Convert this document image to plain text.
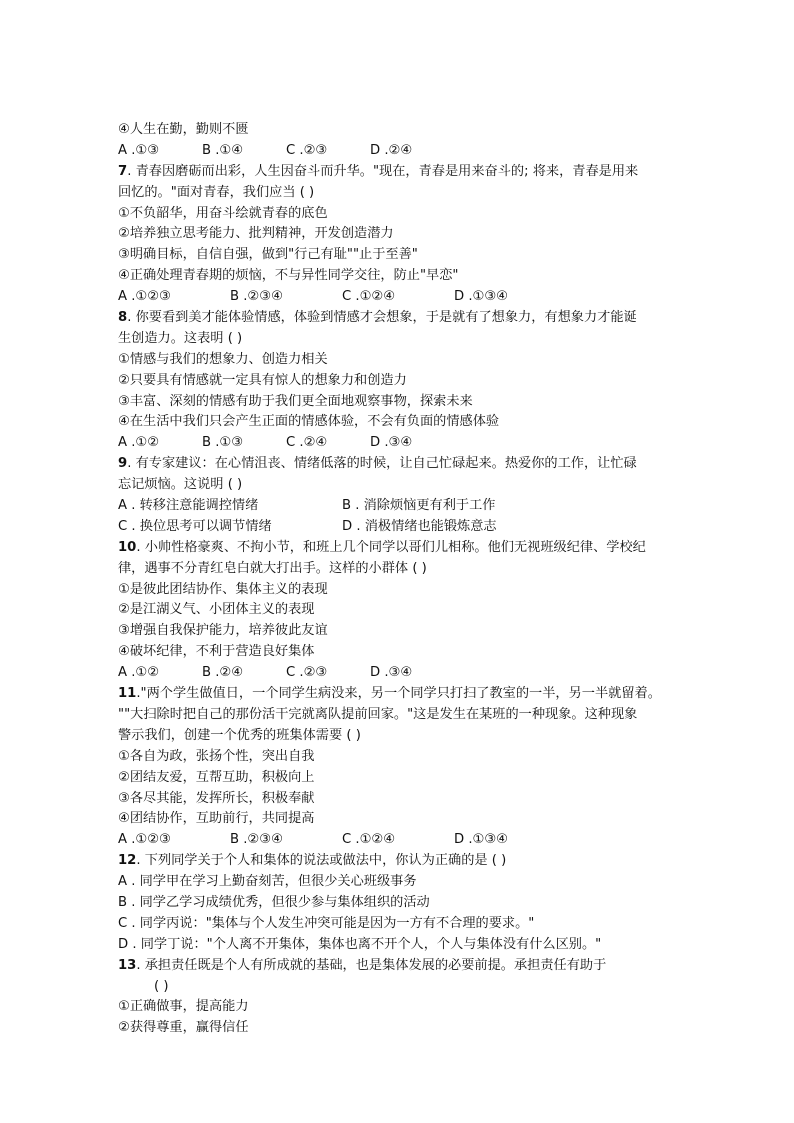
④人生在勤，勤则不匮
A .①③	B .①④	C .②③	D .②④
7. 青春因磨砺而出彩，人生因奋斗而升华。"现在，青春是用来奋斗的; 将来，青春是用来
回忆的。"面对青春，我们应当 ( )
①不负韶华，用奋斗绘就青春的底色
②培养独立思考能力、批判精神，开发创造潜力
③明确目标，自信自强，做到"行己有耻""止于至善"
④正确处理青春期的烦恼，不与异性同学交往，防止"早恋"
A .①②③	B .②③④	C .①②④	D .①③④
8. 你要看到美才能体验情感，体验到情感才会想象，于是就有了想象力，有想象力才能诞
生创造力。这表明 ( )
①情感与我们的想象力、创造力相关
②只要具有情感就一定具有惊人的想象力和创造力
③丰富、深刻的情感有助于我们更全面地观察事物，探索未来
④在生活中我们只会产生正面的情感体验，不会有负面的情感体验
A .①②	B .①③	C .②④	D .③④
9. 有专家建议：在心情沮丧、情绪低落的时候，让自己忙碌起来。热爱你的工作，让忙碌
忘记烦恼。这说明 ( )
A . 转移注意能调控情绪	B . 消除烦恼更有利于工作
C . 换位思考可以调节情绪	D . 消极情绪也能锻炼意志
10. 小帅性格豪爽、不拘小节，和班上几个同学以哥们儿相称。他们无视班级纪律、学校纪
律，遇事不分青红皂白就大打出手。这样的小群体 ( )
①是彼此团结协作、集体主义的表现
②是江湖义气、小团体主义的表现
③增强自我保护能力，培养彼此友谊
④破坏纪律，不利于营造良好集体
A .①②	B .②④	C .②③	D .③④
11."两个学生做值日，一个同学生病没来，另一个同学只打扫了教室的一半，另一半就留着。
""大扫除时把自己的那份活干完就离队提前回家。"这是发生在某班的一种现象。这种现象
警示我们，创建一个优秀的班集体需要 ( )
①各自为政，张扬个性，突出自我
②团结友爱，互帮互助，积极向上
③各尽其能，发挥所长，积极奉献
④团结协作，互助前行，共同提高
A .①②③	B .②③④	C .①②④	D .①③④
12. 下列同学关于个人和集体的说法或做法中，你认为正确的是 ( )
A . 同学甲在学习上勤奋刻苦，但很少关心班级事务
B . 同学乙学习成绩优秀，但很少参与集体组织的活动
C . 同学丙说："集体与个人发生冲突可能是因为一方有不合理的要求。"
D . 同学丁说："个人离不开集体，集体也离不开个人，个人与集体没有什么区别。"
13. 承担责任既是个人有所成就的基础，也是集体发展的必要前提。承担责任有助于
( )
①正确做事，提高能力
②获得尊重，赢得信任
